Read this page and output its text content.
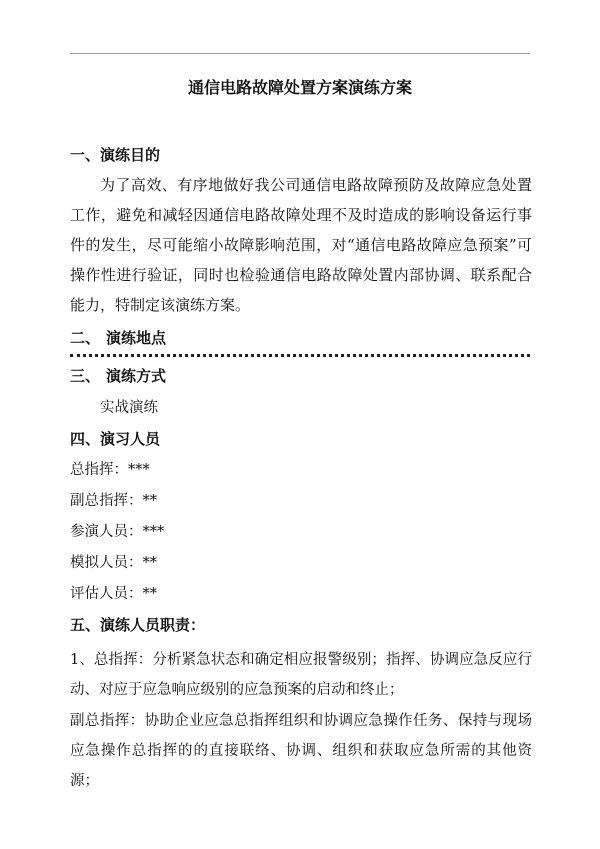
通信电路故障处置方案演练方案
一、演练目的

为了高效、有序地做好我公司通信电路故障预防及故障应急处置工作，避免和减轻因通信电路故障处理不及时造成的影响设备运行事件的发生，尽可能缩小故障影响范围，对“通信电路故障应急预案”可操作性进行验证，同时也检验通信电路故障处置内部协调、联系配合能力，特制定该演练方案。

二、 演练地点
三、 演练方式
实战演练
四、演习人员
总指挥：***
副总指挥：**
参演人员：***
模拟人员：**
评估人员：**
五、演练人员职责：

1、总指挥：分析紧急状态和确定相应报警级别；指挥、协调应急反应行动、对应于应急响应级别的应急预案的启动和终止；

副总指挥：协助企业应急总指挥组织和协调应急操作任务、保持与现场应急操作总指挥的的直接联络、协调、组织和获取应急所需的其他资源；
